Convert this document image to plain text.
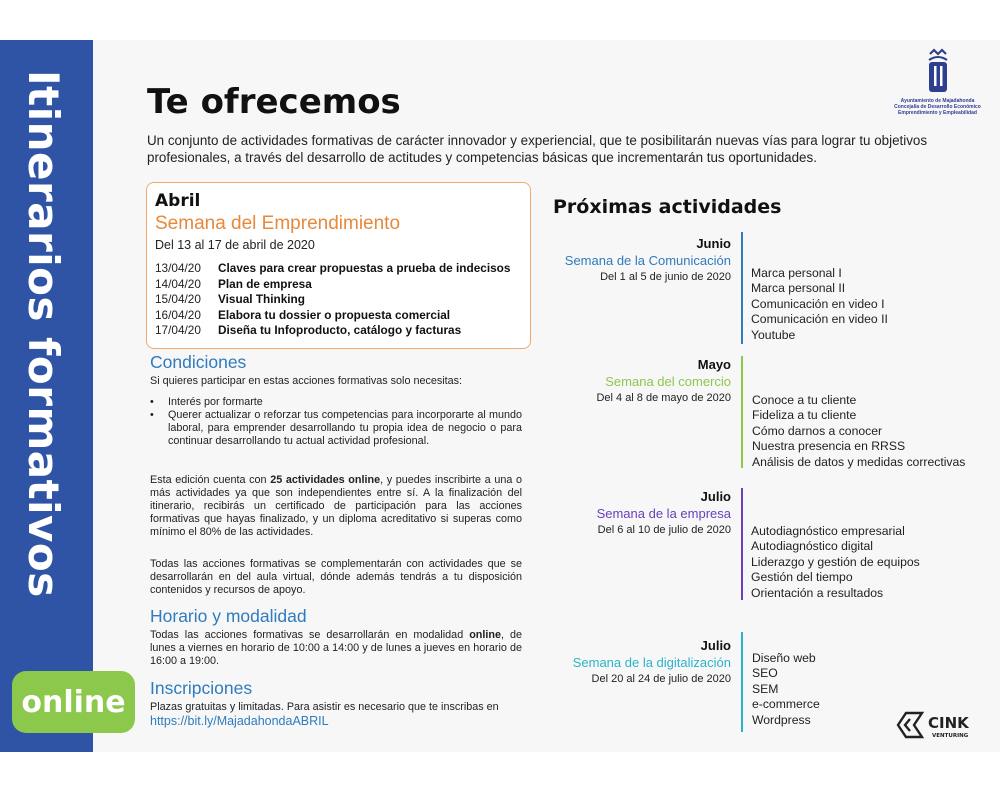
Itinerarios formativos
online
Te ofrecemos
Un conjunto de actividades formativas de carácter innovador y experiencial, que te posibilitarán nuevas vías para lograr tu objetivos profesionales, a través del desarrollo de actitudes y competencias básicas que incrementarán tus oportunidades.
Ayuntamiento de Majadahonda Concejalía de Desarrollo Económico Emprendimiento y Empleabilidad
Abril
Semana del Emprendimiento
Del 13 al 17 de abril de 2020
13/04/20	Claves para crear propuestas a prueba de indecisos
14/04/20	Plan de empresa
15/04/20	Visual Thinking
16/04/20	Elabora tu dossier o propuesta comercial
17/04/20	Diseña tu Infoproducto, catálogo y facturas
Condiciones
Si quieres participar en estas acciones formativas solo necesitas:
• Interés por formarte
• Querer actualizar o reforzar tus competencias para incorporarte al mundo laboral, para emprender desarrollando tu propia idea de negocio o para continuar desarrollando tu actual actividad profesional.
Esta edición cuenta con 25 actividades online, y puedes inscribirte a una o más actividades ya que son independientes entre sí. A la finalización del itinerario, recibirás un certificado de participación para las acciones formativas que hayas finalizado, y un diploma acreditativo si superas como mínimo el 80% de las actividades.
Todas las acciones formativas se complementarán con actividades que se desarrollarán en del aula virtual, dónde además tendrás a tu disposición contenidos y recursos de apoyo.
Horario y modalidad
Todas las acciones formativas se desarrollarán en modalidad online, de lunes a viernes en horario de 10:00 a 14:00 y de lunes a jueves en horario de 16:00 a 19:00.
Inscripciones
Plazas gratuitas y limitadas. Para asistir es necesario que te inscribas en
https://bit.ly/MajadahondaABRIL
Próximas actividades
Junio
Semana de la Comunicación
Del 1 al 5 de junio de 2020 Marca personal I
Marca personal II
Comunicación en video I
Comunicación en video II
Youtube
Mayo
Semana del comercio
Del 4 al 8 de mayo de 2020 Conoce a tu cliente
Fideliza a tu cliente
Cómo darnos a conocer
Nuestra presencia en RRSS
Análisis de datos y medidas correctivas
Julio
Semana de la empresa
Del 6 al 10 de julio de 2020 Autodiagnóstico empresarial
Autodiagnóstico digital
Liderazgo y gestión de equipos
Gestión del tiempo
Orientación a resultados
Julio
Semana de la digitalización
Del 20 al 24 de julio de 2020
Diseño web
SEO
SEM
e-commerce
Wordpress	CINK
VENTURING
